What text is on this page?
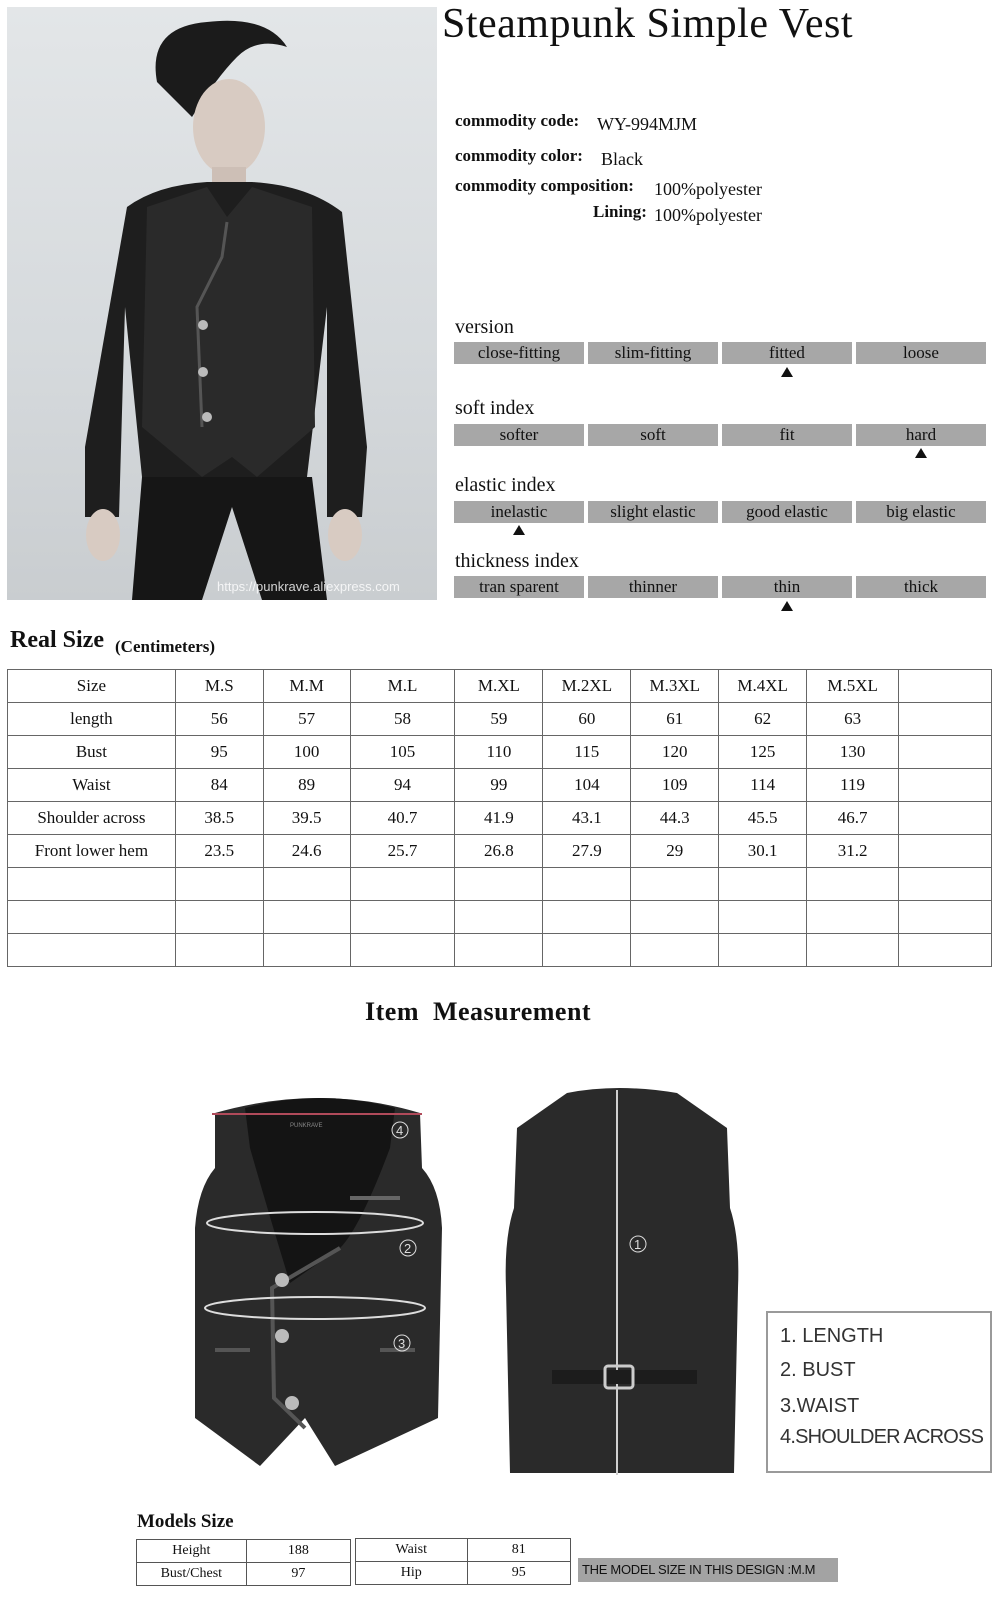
https://punkrave.aliexpress.com
Steampunk Simple Vest
commodity code: WY-994MJM
commodity color: Black
commodity composition: 100%polyester
Lining: 100%polyester
version
close-fitting	slim-fitting	fitted	loose
soft index
softer	soft	fit	hard
elastic index
inelastic	slight elastic	good elastic	big elastic
thickness index
tran sparent	thinner	thin	thick
Real Size (Centimeters)
Size	M.S	M.M	M.L	M.XL	M.2XL	M.3XL	M.4XL	M.5XL	
length	56	57	58	59	60	61	62	63	
Bust	95	100	105	110	115	120	125	130	
Waist	84	89	94	99	104	109	114	119	
Shoulder across	38.5	39.5	40.7	41.9	43.1	44.3	45.5	46.7	
Front lower hem	23.5	24.6	25.7	26.8	27.9	29	30.1	31.2	

Item  Measurement
PUNKRAVE	4
2
3
1
1. LENGTH
2. BUST
3.WAIST
4.SHOULDER ACROSS
Models Size
Height	188
Bust/Chest	97
Waist	81
Hip	95	THE MODEL SIZE IN THIS DESIGN :M.M
